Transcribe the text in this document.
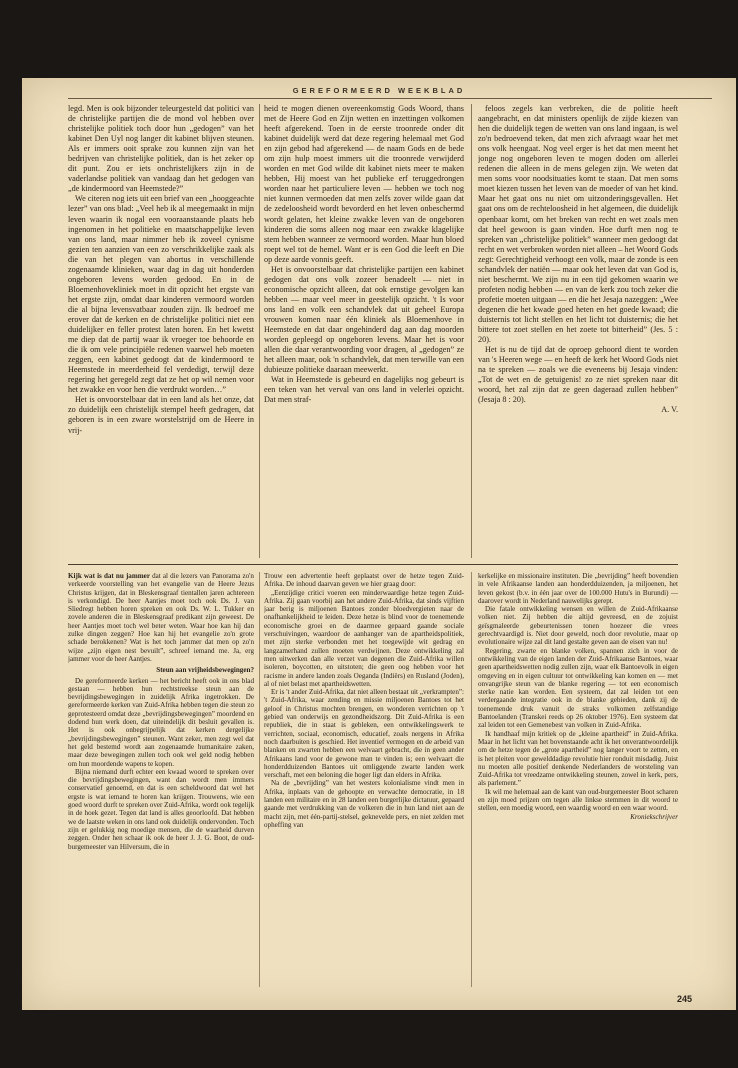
GEREFORMEERD WEEKBLAD

legd. Men is ook bijzonder teleurgesteld dat politici van de christelijke partijen die de mond vol hebben over christelijke politiek toch door hun „gedogen” van het kabinet Den Uyl nog langer dit kabinet blijven steunen. Als er immers ooit sprake zou kunnen zijn van het bedrijven van christelijke politiek, dan is het zeker op dit punt. Zou er iets onchristelijkers zijn in de vaderlandse politiek van vandaag dan het gedogen van „de kindermoord van Heemstede?”

We citeren nog iets uit een brief van een „hooggeachte lezer” van ons blad: „Veel heb ik al meegemaakt in mijn leven waarin ik nogal een vooraanstaande plaats heb ingenomen in het politieke en maatschappelijke leven van ons land, maar nimmer heb ik zoveel cynisme gezien ten aanzien van een zo verschrikkelijke zaak als die van het plegen van abortus in verschillende zogenaamde klinieken, waar dag in dag uit honderden ongeboren levens worden gedood. En in de Bloemenhovekliniek moet in dit opzicht het ergste van het ergste zijn, omdat daar kinderen vermoord worden die al bijna levensvatbaar zouden zijn. Ik bedroef me erover dat de kerken en de christelijke politici niet een duidelijker en feller protest laten horen. En het kwetst me diep dat de partij waar ik vroeger toe behoorde en die ik om vele principiële redenen vaarwel heb moeten zeggen, een kabinet gedoogt dat de kindermoord te Heemstede in meerderheid fel verdedigt, terwijl deze regering het geregeld zegt dat ze het op wil nemen voor het zwakke en voor hen die verdrukt worden…”

Het is onvoorstelbaar dat in een land als het onze, dat zo duidelijk een christelijk stempel heeft gedragen, dat geboren is in een zware worstelstrijd om de Heere in vrij-

heid te mogen dienen overeenkomstig Gods Woord, thans met de Heere God en Zijn wetten en inzettingen volkomen heeft afgerekend. Toen in de eerste troonrede onder dit kabinet duidelijk werd dat deze regering helemaal met God en zijn gebod had afgerekend — de naam Gods en de bede om zijn hulp moest immers uit die troonrede verwijderd worden en met God wilde dit kabinet niets meer te maken hebben, Hij moest van het publieke erf teruggedrongen worden naar het particuliere leven — hebben we toch nog niet kunnen vermoeden dat men zelfs zover wilde gaan dat de zedeloosheid wordt bevorderd en het leven onbeschermd wordt gelaten, het kleine zwakke leven van de ongeboren kinderen die soms alleen nog maar een zwakke klagelijke stem hebben wanneer ze vermoord worden. Maar hun bloed roept wel tot de hemel. Want er is een God die leeft en Die op deze aarde vonnis geeft.

Het is onvoorstelbaar dat christelijke partijen een kabinet gedogen dat ons volk zozeer benadeelt — niet in economische opzicht alleen, dat ook ernstige gevolgen kan hebben — maar veel meer in geestelijk opzicht. 't Is voor ons land en volk een schandvlek dat uit geheel Europa vrouwen komen naar één kliniek als Bloemenhove in Heemstede en dat daar ongehinderd dag aan dag moorden worden gepleegd op ongeboren levens. Maar het is voor allen die daar verantwoording voor dragen, al „gedogen” ze het alleen maar, ook 'n schandvlek, dat men terwille van een dubieuze politieke daaraan meewerkt.

Wat in Heemstede is gebeurd en dagelijks nog gebeurt is een teken van het verval van ons land in velerlei opzicht. Dat men straf-

feloos zegels kan verbreken, die de politie heeft aangebracht, en dat ministers openlijk de zijde kiezen van hen die duidelijk tegen de wetten van ons land ingaan, is wel zo'n bedroevend teken, dat men zich afvraagt waar het met ons volk heengaat. Nog veel erger is het dat men meent het jonge nog ongeboren leven te mogen doden om allerlei redenen die alleen in de mens gelegen zijn. We weten dat men soms voor noodsituaties komt te staan. Dat men soms moet kiezen tussen het leven van de moeder of van het kind. Maar het gaat ons nu niet om uitzonderingsgevallen. Het gaat ons om de rechteloosheid in het algemeen, die duidelijk openbaar komt, om het breken van recht en wet zoals men dat heel gewoon is gaan vinden. Hoe durft men nog te spreken van „christelijke politiek” wanneer men gedoogt dat recht en wet verbroken worden niet alleen – het Woord Gods zegt: Gerechtigheid verhoogt een volk, maar de zonde is een schandvlek der natiën — maar ook het leven dat van God is, niet beschermt. We zijn nu in een tijd gekomen waarin we profeten nodig hebben — en van de kerk zou toch zeker die profetie moeten uitgaan — en die het Jesaja nazeggen: „Wee degenen die het kwade goed heten en het goede kwaad; die duisternis tot licht stellen en het licht tot duisternis; die het bittere tot zoet stellen en het zoete tot bitterheid” (Jes. 5 : 20).

Het is nu de tijd dat de oproep gehoord dient te worden van 's Heeren wege — en heeft de kerk het Woord Gods niet na te spreken — zoals we die eveneens bij Jesaja vinden: „Tot de wet en de getuigenis! zo ze niet spreken naar dit woord, het zal zijn dat ze geen dageraad zullen hebben” (Jesaja 8 : 20).

A. V.

Kijk wat is dat nu jammer dat al die lezers van Panorama zo'n verkeerde voorstelling van het evangelie van de Heere Jezus Christus krijgen, dat in Bleskensgraaf tientallen jaren achtereen is verkondigd. De heer Aantjes moet toch ook Ds. J. van Sliedregt hebben horen spreken en ook Ds. W. L. Tukker en zovele anderen die in Bleskensgraaf predikant zijn geweest. De heer Aantjes moet toch wel beter weten. Waar hoe kan hij dan zulke dingen zeggen? Hoe kan hij het evangelie zo'n grote schade berokkenen? Wat is het toch jammer dat men op zo'n wijze „zijn eigen nest bevuilt”, schreef iemand me. Ja, erg jammer voor de heer Aantjes.

Steun aan vrijheidsbewegingen?

De gereformeerde kerken — het bericht heeft ook in ons blad gestaan — hebben hun rechtstreekse steun aan de bevrijdingsbewegingen in zuidelijk Afrika ingetrokken. De gereformeerde kerken van Zuid-Afrika hebben tegen die steun zo geprotesteerd omdat deze „bevrijdingsbewegingen” moordend en dodend hun werk doen, dat uiteindelijk dit besluit gevallen is. Het is ook onbegrijpelijk dat kerken dergelijke „bevrijdingsbewegingen” steunen. Want zeker, men zegt wel dat het geld bestemd wordt aan zogenaamde humanitaire zaken, maar deze bewegingen zullen toch ook wel geld nodig hebben om hun moordende wapens te kopen.

Bijna niemand durft echter een kwaad woord te spreken over die bevrijdingsbewegingen, want dan wordt men immers conservatief genoemd, en dat is een scheldwoord dat wel het ergste is wat iemand te horen kan krijgen. Trouwens, wie een goed woord durft te spreken over Zuid-Afrika, wordt ook tegelijk in de hoek gezet. Tegen dat land is alles geoorloofd. Dat hebben we de laatste weken in ons land ook duidelijk ondervonden. Toch zijn er gelukkig nog moedige mensen, die de waarheid durven zeggen. Onder hen schaar ik ook de heer J. J. G. Boot, de oud-burgemeester van Hilversum, die in

Trouw een advertentie heeft geplaatst over de hetze tegen Zuid-Afrika. De inhoud daarvan geven we hier graag door:

„Eenzijdige critici voeren een minderwaardige hetze tegen Zuid-Afrika. Zij gaan voorbij aan het andere Zuid-Afrika, dat sinds vijftien jaar berig is miljoenen Bantoes zonder bloedvergieten naar de onafhankelijkheid te leiden. Deze hetze is blind voor de toenemende economische groei en de daarmee gepaard gaande sociale verschuivingen, waardoor de aanhanger van de apartheidspolitiek, met zijn sterke verbonden met het toegewijde wit gedrag en langzamerhand zullen moeten verdwijnen. Deze ontwikkeling zal men uitwerken dan alle verzet van degenen die Zuid-Afrika willen isoleren, boycotten, en uitstoten; die geen oog hebben voor het racisme in andere landen zoals Oeganda (Indiërs) en Rusland (Joden), al of niet belast met apartheidswetten.

Er is 't ander Zuid-Afrika, dat niet alleen bestaat uit „verkrampten”: 't Zuid-Afrika, waar zending en missie miljoenen Bantoes tot het geloof in Christus mochten brengen, en wonderen verrichten op 't gebied van onderwijs en gezondheidszorg. Dit Zuid-Afrika is een republiek, die in staat is gebleken, een ontwikkelingswerk te verrichten, sociaal, economisch, educatief, zoals nergens in Afrika noch daarbuiten is geschied. Het inventief vermogen en de arbeid van blanken en zwarten hebben een welvaart gebracht, die in geen ander Afrikaans land voor de gewone man te vinden is; een welvaart die honderdduizenden Bantoes uit omliggende zwarte landen werk verschaft, met een beloning die hoger ligt dan elders in Afrika.

Na de „bevrijding” van het westers kolonialisme vindt men in Afrika, inplaats van de gehoopte en verwachte democratie, in 18 landen een militaire en in 28 landen een burgerlijke dictatuur, gepaard gaande met verdrukking van de volkeren die in hun land niet aan de macht zijn, met één-partij-stelsel, geknevelde pers, en niet zelden met opheffing van

kerkelijke en missionaire instituten. Die „bevrijding” heeft bovendien in vele Afrikaanse landen aan honderdduizenden, ja miljoenen, het leven gekost (b.v. in één jaar over de 100.000 Hutu's in Burundi) — daarover wordt in Nederland nauwelijks gerept.

Die fatale ontwikkeling wensen en willen de Zuid-Afrikaanse volken niet. Zij hebben die altijd gevreesd, en de zojuist geïsgmaleerde gebeurtenissen tonen hoezeer die vrees gerechtvaardigd is. Niet door geweld, noch door revolutie, maar op evolutionaire wijze zal dit land gestalte geven aan de eisen van nu!

Regering, zwarte en blanke volken, spannen zich in voor de ontwikkeling van de eigen landen der Zuid-Afrikaanse Bantoes, waar geen apartheidswetten nodig zullen zijn, waar elk Bantoevolk in eigen omgeving en in eigen cultuur tot ontwikkeling kan komen en — met onvangrijke steun van de blanke regering — tot een economisch sterke natie kan worden. Een systeem, dat zal leiden tot een verdergaande integratie ook in de blanke gebieden, dank zij de toenemende druk vanuit de straks volkomen zelfstandige Bantoelanden (Transkei reeds op 26 oktober 1976). Een systeem dat zal leiden tot een Gemenebest van volken in Zuid-Afrika.

Ik handhaaf mijn kritiek op de „kleine apartheid” in Zuid-Afrika. Maar in het licht van het bovenstaande acht ik het onverantwoordelijk om de hetze tegen de „grote apartheid” nog langer voort te zetten, en is het pleiten voor gewelddadige revolutie hier ronduit misdadig. Juist nu moeten alle positief denkende Nederlanders de worsteling van Zuid-Afrika tot vreedzame ontwikkeling steunen, zowel in kerk, pers, als parlement.”

Ik wil me helemaal aan de kant van oud-burgemeester Boot scharen en zijn moed prijzen om tegen alle linkse stemmen in dit woord te stellen, een moedig woord, een waardig woord en een waar woord.

Kroniekschrijver

245
